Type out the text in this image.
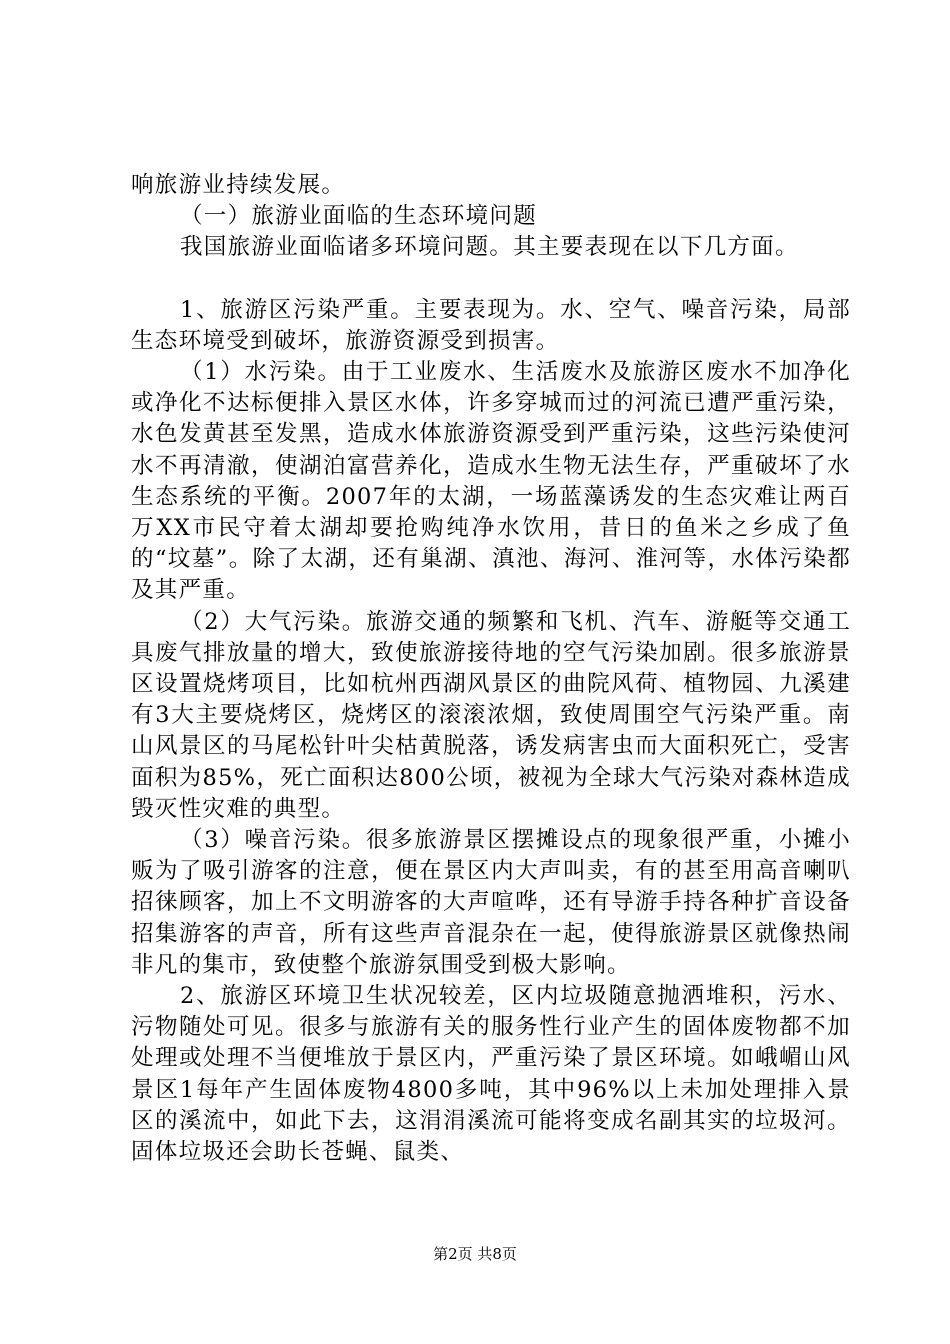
响旅游业持续发展。

（一）旅游业面临的生态环境问题

我国旅游业面临诸多环境问题。其主要表现在以下几方面。

1、旅游区污染严重。主要表现为。水、空气、噪音污染，局部生态环境受到破坏，旅游资源受到损害。

（1）水污染。由于工业废水、生活废水及旅游区废水不加净化或净化不达标便排入景区水体，许多穿城而过的河流已遭严重污染，水色发黄甚至发黑，造成水体旅游资源受到严重污染，这些污染使河水不再清澈，使湖泊富营养化，造成水生物无法生存，严重破坏了水生态系统的平衡。2007年的太湖，一场蓝藻诱发的生态灾难让两百万XX市民守着太湖却要抢购纯净水饮用，昔日的鱼米之乡成了鱼的“坟墓”。除了太湖，还有巢湖、滇池、海河、淮河等，水体污染都及其严重。

（2）大气污染。旅游交通的频繁和飞机、汽车、游艇等交通工具废气排放量的增大，致使旅游接待地的空气污染加剧。很多旅游景区设置烧烤项目，比如杭州西湖风景区的曲院风荷、植物园、九溪建有3大主要烧烤区，烧烤区的滚滚浓烟，致使周围空气污染严重。南山风景区的马尾松针叶尖枯黄脱落，诱发病害虫而大面积死亡，受害面积为85%，死亡面积达800公顷，被视为全球大气污染对森林造成毁灭性灾难的典型。

（3）噪音污染。很多旅游景区摆摊设点的现象很严重，小摊小贩为了吸引游客的注意，便在景区内大声叫卖，有的甚至用高音喇叭招徕顾客，加上不文明游客的大声喧哗，还有导游手持各种扩音设备招集游客的声音，所有这些声音混杂在一起，使得旅游景区就像热闹非凡的集市，致使整个旅游氛围受到极大影响。

2、旅游区环境卫生状况较差，区内垃圾随意抛洒堆积，污水、污物随处可见。很多与旅游有关的服务性行业产生的固体废物都不加处理或处理不当便堆放于景区内，严重污染了景区环境。如峨嵋山风景区1每年产生固体废物4800多吨，其中96%以上未加处理排入景区的溪流中，如此下去，这涓涓溪流可能将变成名副其实的垃圾河。固体垃圾还会助长苍蝇、鼠类、

第2页 共8页
